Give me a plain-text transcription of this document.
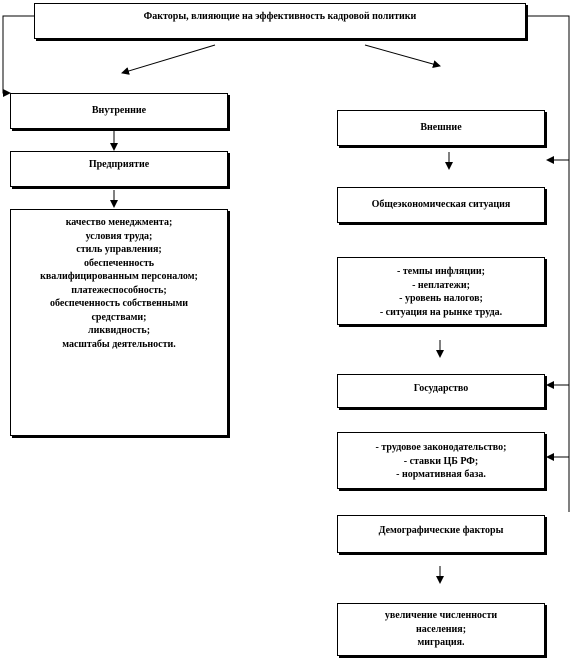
Факторы, влияющие на эффективность кадровой политики
Внутренние
Предприятие
качество менеджмента;
условия труда;
стиль управления;
обеспеченность
квалифицированным персоналом;
платежеспособность;
обеспеченность собственными
средствами;
ликвидность;
масштабы деятельности.
Внешние
Общеэкономическая ситуация
- темпы инфляции;
- неплатежи;
- уровень налогов;
- ситуация на рынке труда.
Государство
- трудовое законодательство;
- ставки ЦБ РФ;
- нормативная база.
Демографические факторы
увеличение численности
населения;
миграция.
